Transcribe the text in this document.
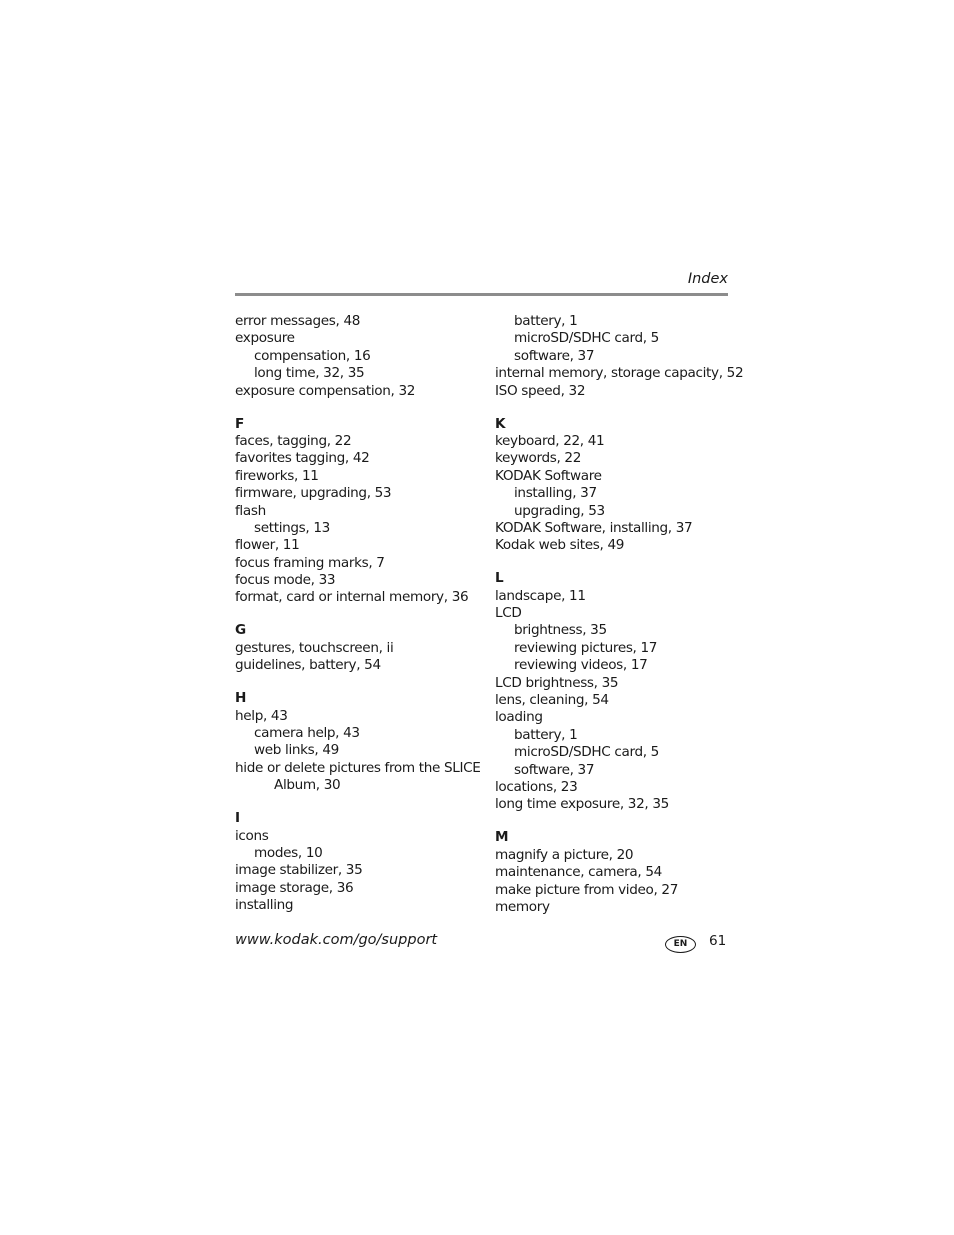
Index
error messages, 48
exposure
compensation, 16
long time, 32, 35
exposure compensation, 32
F
faces, tagging, 22
favorites tagging, 42
fireworks, 11
firmware, upgrading, 53
flash
settings, 13
flower, 11
focus framing marks, 7
focus mode, 33
format, card or internal memory, 36
G
gestures, touchscreen, ii
guidelines, battery, 54
H
help, 43
camera help, 43
web links, 49
hide or delete pictures from the SLICE
Album, 30
I
icons
modes, 10
image stabilizer, 35
image storage, 36
installing
battery, 1
microSD/SDHC card, 5
software, 37
internal memory, storage capacity, 52
ISO speed, 32
K
keyboard, 22, 41
keywords, 22
KODAK Software
installing, 37
upgrading, 53
KODAK Software, installing, 37
Kodak web sites, 49
L
landscape, 11
LCD
brightness, 35
reviewing pictures, 17
reviewing videos, 17
LCD brightness, 35
lens, cleaning, 54
loading
battery, 1
microSD/SDHC card, 5
software, 37
locations, 23
long time exposure, 32, 35
M
magnify a picture, 20
maintenance, camera, 54
make picture from video, 27
memory
www.kodak.com/go/support	EN	61
